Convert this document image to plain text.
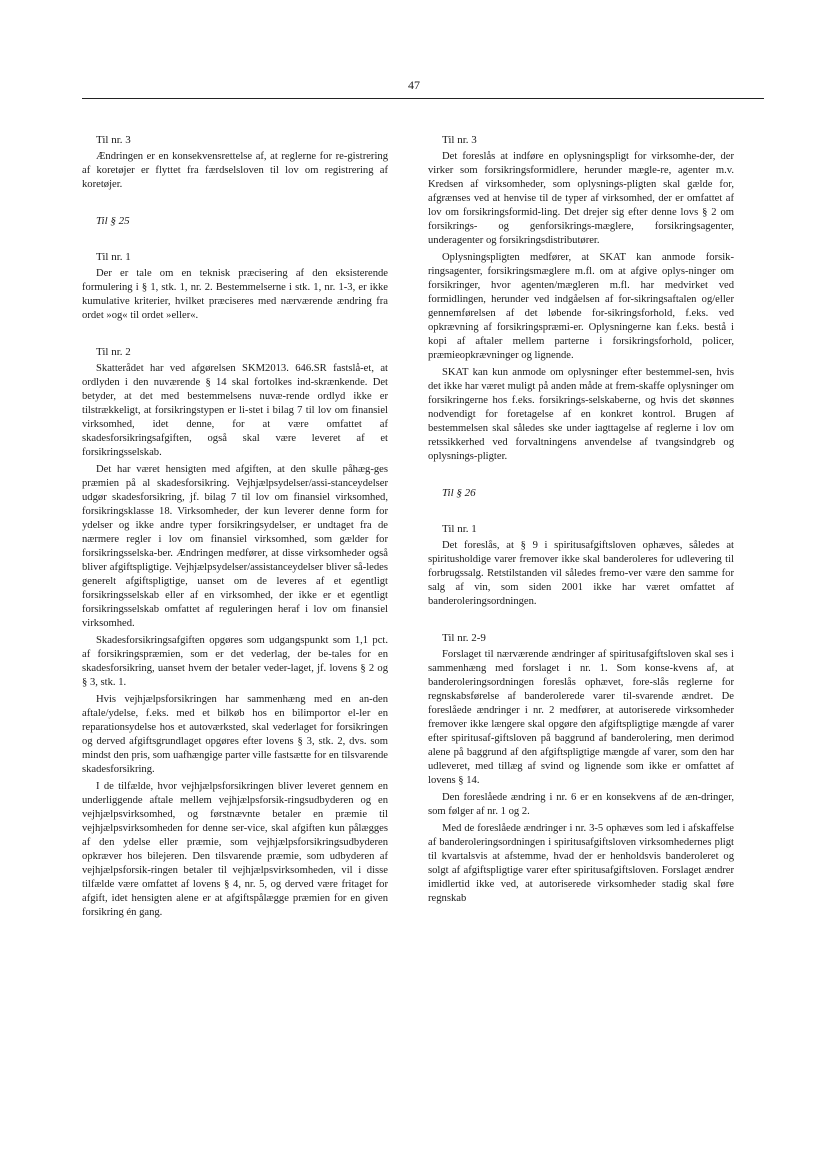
47

Til nr. 3

Ændringen er en konsekvensrettelse af, at reglerne for re-gistrering af koretøjer er flyttet fra færdselsloven til lov om registrering af koretøjer.

Til § 25

Til nr. 1

Der er tale om en teknisk præcisering af den eksisterende formulering i § 1, stk. 1, nr. 2. Bestemmelserne i stk. 1, nr. 1-3, er ikke kumulative kriterier, hvilket præciseres med nærværende ændring fra ordet »og« til ordet »eller«.

Til nr. 2

Skatterådet har ved afgørelsen SKM2013. 646.SR fastslå-et, at ordlyden i den nuværende § 14 skal fortolkes ind-skrænkende. Det betyder, at det med bestemmelsens nuvæ-rende ordlyd ikke er tilstrækkeligt, at forsikringstypen er li-stet i bilag 7 til lov om finansiel virksomhed, idet denne, for at være omfattet af skadesforsikringsafgiften, også skal være leveret af et forsikringsselskab.

Det har været hensigten med afgiften, at den skulle påhæg-ges præmien på al skadesforsikring. Vejhjælpsydelser/assi-stanceydelser udgør skadesforsikring, jf. bilag 7 til lov om finansiel virksomhed, forsikringsklasse 18. Virksomheder, der kun leverer denne form for ydelser og ikke andre typer forsikringsydelser, er undtaget fra de nærmere regler i lov om finansiel virksomhed, som gælder for forsikringsselska-ber. Ændringen medfører, at disse virksomheder også bliver afgiftspligtige. Vejhjælpsydelser/assistanceydelser bliver så-ledes generelt afgiftspligtige, uanset om de leveres af et egentligt forsikringsselskab eller af en virksomhed, der ikke er et egentligt forsikringsselskab omfattet af reguleringen heraf i lov om finansiel virksomhed.

Skadesforsikringsafgiften opgøres som udgangspunkt som 1,1 pct. af forsikringspræmien, som er det vederlag, der be-tales for en skadesforsikring, uanset hvem der betaler veder-laget, jf. lovens § 2 og § 3, stk. 1.

Hvis vejhjælpsforsikringen har sammenhæng med en an-den aftale/ydelse, f.eks. med et bilkøb hos en bilimportor el-ler en reparationsydelse hos et autoværksted, skal vederlaget for forsikringen og derved afgiftsgrundlaget opgøres efter lovens § 3, stk. 2, dvs. som mindst den pris, som uafhængige parter ville fastsætte for en tilsvarende skadesforsikring.

I de tilfælde, hvor vejhjælpsforsikringen bliver leveret gennem en underliggende aftale mellem vejhjælpsforsik-ringsudbyderen og en vejhjælpsvirksomhed, og førstnævnte betaler en præmie til vejhjælpsvirksomheden for denne ser-vice, skal afgiften kun pålægges af den ydelse eller præmie, som vejhjælpsforsikringsudbyderen opkræver hos bilejeren. Den tilsvarende præmie, som udbyderen af vejhjælpsforsik-ringen betaler til vejhjælpsvirksomheden, vil i disse tilfælde være omfattet af lovens § 4, nr. 5, og derved være fritaget for afgift, idet hensigten alene er at afgiftspålægge præmien for en given forsikring én gang.

Til nr. 3

Det foreslås at indføre en oplysningspligt for virksomhe-der, der virker som forsikringsformidlere, herunder mægle-re, agenter m.v. Kredsen af virksomheder, som oplysnings-pligten skal gælde for, afgrænses ved at henvise til de typer af virksomhed, der er omfattet af lov om forsikringsformid-ling. Det drejer sig efter denne lovs § 2 om forsikrings- og genforsikrings-mæglere, forsikringsagenter, underagenter og forsikringsdistributører.

Oplysningspligten medfører, at SKAT kan anmode forsik-ringsagenter, forsikringsmæglere m.fl. om at afgive oplys-ninger om forsikringer, hvor agenten/mægleren m.fl. har medvirket ved formidlingen, herunder ved indgåelsen af for-sikringsaftalen og/eller gennemførelsen af det løbende for-sikringsforhold, f.eks. ved opkrævning af forsikringspræmi-er. Oplysningerne kan f.eks. bestå i kopi af aftaler mellem parterne i forsikringsforhold, policer, præmieopkrævninger og lignende.

SKAT kan kun anmode om oplysninger efter bestemmel-sen, hvis det ikke har været muligt på anden måde at frem-skaffe oplysninger om forsikringerne hos f.eks. forsikrings-selskaberne, og hvis det skønnes nodvendigt for foretagelse af en konkret kontrol. Brugen af bestemmelsen skal således ske under iagttagelse af reglerne i lov om retssikkerhed ved forvaltningens anvendelse af tvangsindgreb og oplysnings-pligter.

Til § 26

Til nr. 1

Det foreslås, at § 9 i spiritusafgiftsloven ophæves, således at spiritusholdige varer fremover ikke skal banderoleres for udlevering til forbrugssalg. Retstilstanden vil således fremo-ver være den samme for salg af vin, som siden 2001 ikke har været omfattet af banderoleringsordningen.

Til nr. 2-9

Forslaget til nærværende ændringer af spiritusafgiftsloven skal ses i sammenhæng med forslaget i nr. 1. Som konse-kvens af, at banderoleringsordningen foreslås ophævet, fore-slås reglerne for regnskabsførelse af banderolerede varer til-svarende ændret. De foreslåede ændringer i nr. 2 medfører, at autoriserede virksomheder fremover ikke længere skal opgøre den afgiftspligtige mængde af varer efter spiritusaf-giftsloven på baggrund af banderolering, men derimod alene på baggrund af den afgiftspligtige mængde af varer, som den har udleveret, med tillæg af svind og lignende som ikke er omfattet af lovens § 14.

Den foreslåede ændring i nr. 6 er en konsekvens af de æn-dringer, som følger af nr. 1 og 2.

Med de foreslåede ændringer i nr. 3-5 ophæves som led i afskaffelse af banderoleringsordningen i spiritusafgiftsloven virksomhedernes pligt til kvartalsvis at afstemme, hvad der er henholdsvis banderoleret og solgt af afgiftspligtige varer efter spiritusafgiftsloven. Forslaget ændrer imidlertid ikke ved, at autoriserede virksomheder stadig skal føre regnskab
